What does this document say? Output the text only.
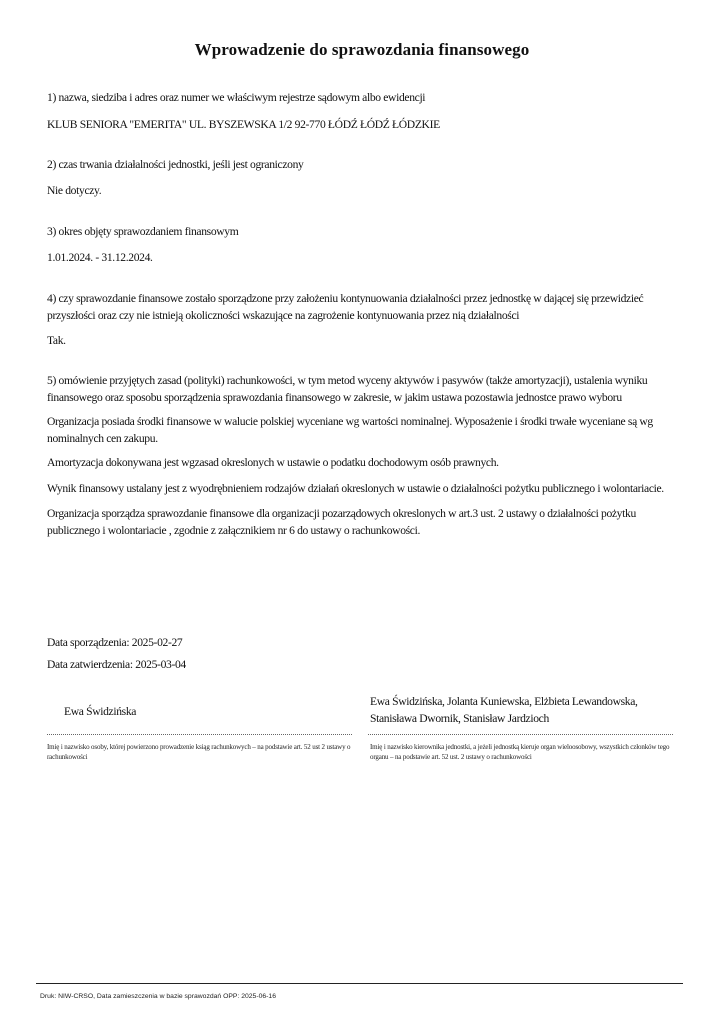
Wprowadzenie do sprawozdania finansowego

1) nazwa, siedziba i adres oraz numer we właściwym rejestrze sądowym albo ewidencji

KLUB SENIORA "EMERITA" UL. BYSZEWSKA 1/2 92-770 ŁÓDŹ ŁÓDŹ ŁÓDZKIE

2) czas trwania działalności jednostki, jeśli jest ograniczony

Nie dotyczy.

3) okres objęty sprawozdaniem finansowym

1.01.2024. - 31.12.2024.

4) czy sprawozdanie finansowe zostało sporządzone przy założeniu kontynuowania działalności przez jednostkę w dającej się przewidzieć przyszłości oraz czy nie istnieją okoliczności wskazujące na zagrożenie kontynuowania przez nią działalności

Tak.

5) omówienie przyjętych zasad (polityki) rachunkowości, w tym metod wyceny aktywów i pasywów (także amortyzacji), ustalenia wyniku finansowego oraz sposobu sporządzenia sprawozdania finansowego w zakresie, w jakim ustawa pozostawia jednostce prawo wyboru

Organizacja posiada środki finansowe w walucie polskiej wyceniane wg wartości nominalnej. Wyposażenie i środki trwałe wyceniane są wg nominalnych cen zakupu.

Amortyzacja dokonywana jest wgzasad okreslonych w ustawie o podatku dochodowym osób prawnych.

Wynik finansowy ustalany jest z wyodrębnieniem rodzajów działań okreslonych w ustawie o działalności pożytku publicznego i wolontariacie.

Organizacja sporządza sprawozdanie finansowe dla organizacji pozarządowych okreslonych w art.3 ust. 2 ustawy o działalności pożytku publicznego i wolontariacie , zgodnie z załącznikiem nr 6 do ustawy o rachunkowości.

Data sporządzenia: 2025-02-27

Data zatwierdzenia: 2025-03-04

Ewa Świdzińska
Imię i nazwisko osoby, której powierzono prowadzenie ksiąg rachunkowych – na podstawie art. 52 ust 2 ustawy o rachunkowości
Ewa Świdzińska, Jolanta Kuniewska, Elżbieta Lewandowska, Stanisława Dwornik, Stanisław Jardzioch
Imię i nazwisko kierownika jednostki, a jeżeli jednostką kieruje organ wieloosobowy, wszystkich członków tego organu – na podstawie art. 52 ust. 2 ustawy o rachunkowości
Druk: NIW-CRSO, Data zamieszczenia w bazie sprawozdań OPP: 2025-06-16
